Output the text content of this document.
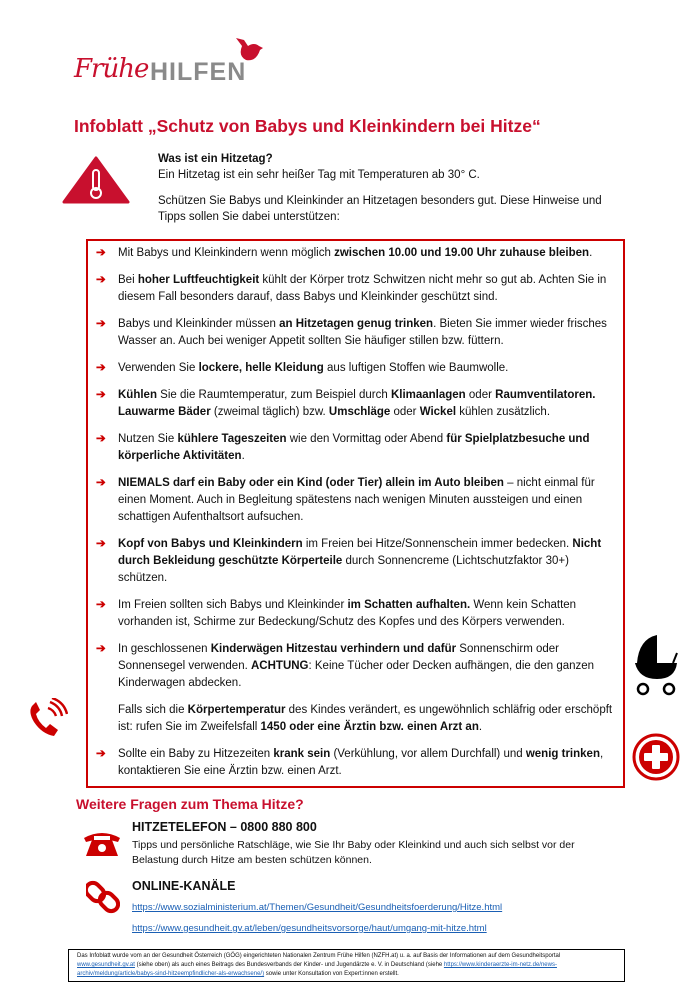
Frühe HILFEN
Infoblatt „Schutz von Babys und Kleinkindern bei Hitze“
Was ist ein Hitzetag?

Ein Hitzetag ist ein sehr heißer Tag mit Temperaturen ab 30° C.

Schützen Sie Babys und Kleinkinder an Hitzetagen besonders gut. Diese Hinweise und Tipps sollen Sie dabei unterstützen:

➔ Mit Babys und Kleinkindern wenn möglich zwischen 10.00 und 19.00 Uhr zuhause bleiben.
➔ Bei hoher Luftfeuchtigkeit kühlt der Körper trotz Schwitzen nicht mehr so gut ab. Achten Sie in diesem Fall besonders darauf, dass Babys und Kleinkinder geschützt sind.
➔ Babys und Kleinkinder müssen an Hitzetagen genug trinken. Bieten Sie immer wieder frisches Wasser an. Auch bei weniger Appetit sollten Sie häufiger stillen bzw. füttern.
➔ Verwenden Sie lockere, helle Kleidung aus luftigen Stoffen wie Baumwolle.
➔ Kühlen Sie die Raumtemperatur, zum Beispiel durch Klimaanlagen oder Raumventilatoren. Lauwarme Bäder (zweimal täglich) bzw. Umschläge oder Wickel kühlen zusätzlich.
➔ Nutzen Sie kühlere Tageszeiten wie den Vormittag oder Abend für Spielplatzbesuche und körperliche Aktivitäten.
➔ NIEMALS darf ein Baby oder ein Kind (oder Tier) allein im Auto bleiben – nicht einmal für einen Moment. Auch in Begleitung spätestens nach wenigen Minuten aussteigen und einen schattigen Aufenthaltsort aufsuchen.
➔ Kopf von Babys und Kleinkindern im Freien bei Hitze/Sonnenschein immer bedecken. Nicht durch Bekleidung geschützte Körperteile durch Sonnencreme (Lichtschutzfaktor 30+) schützen.
➔ Im Freien sollten sich Babys und Kleinkinder im Schatten aufhalten. Wenn kein Schatten vorhanden ist, Schirme zur Bedeckung/Schutz des Kopfes und des Körpers verwenden.
➔ In geschlossenen Kinderwägen Hitzestau verhindern und dafür Sonnenschirm oder Sonnensegel verwenden. ACHTUNG: Keine Tücher oder Decken aufhängen, die den ganzen Kinderwagen abdecken.
Falls sich die Körpertemperatur des Kindes verändert, es ungewöhnlich schläfrig oder erschöpft ist: rufen Sie im Zweifelsfall 1450 oder eine Ärztin bzw. einen Arzt an.
➔ Sollte ein Baby zu Hitzezeiten krank sein (Verkühlung, vor allem Durchfall) und wenig trinken, kontaktieren Sie eine Ärztin bzw. einen Arzt.
Weitere Fragen zum Thema Hitze?
HITZETELEFON – 0800 880 800
Tipps und persönliche Ratschläge, wie Sie Ihr Baby oder Kleinkind und auch sich selbst vor der Belastung durch Hitze am besten schützen können.
ONLINE-KANÄLE
https://www.sozialministerium.at/Themen/Gesundheit/Gesundheitsfoerderung/Hitze.html
https://www.gesundheit.gv.at/leben/gesundheitsvorsorge/haut/umgang-mit-hitze.html
Das Infoblatt wurde vom an der Gesundheit Österreich (GÖG) eingerichteten Nationalen Zentrum Frühe Hilfen (NZFH.at) u. a. auf Basis der Informationen auf dem Gesundheitsportal www.gesundheit.gv.at (siehe oben) als auch eines Beitrags des Bundesverbands der Kinder- und Jugendärzte e. V. in Deutschland (siehe https://www.kinderaerzte-im-netz.de/news-archiv/meldung/article/babys-sind-hitzeempfindlicher-als-erwachsene/) sowie unter Konsultation von Expert:innen erstellt.
